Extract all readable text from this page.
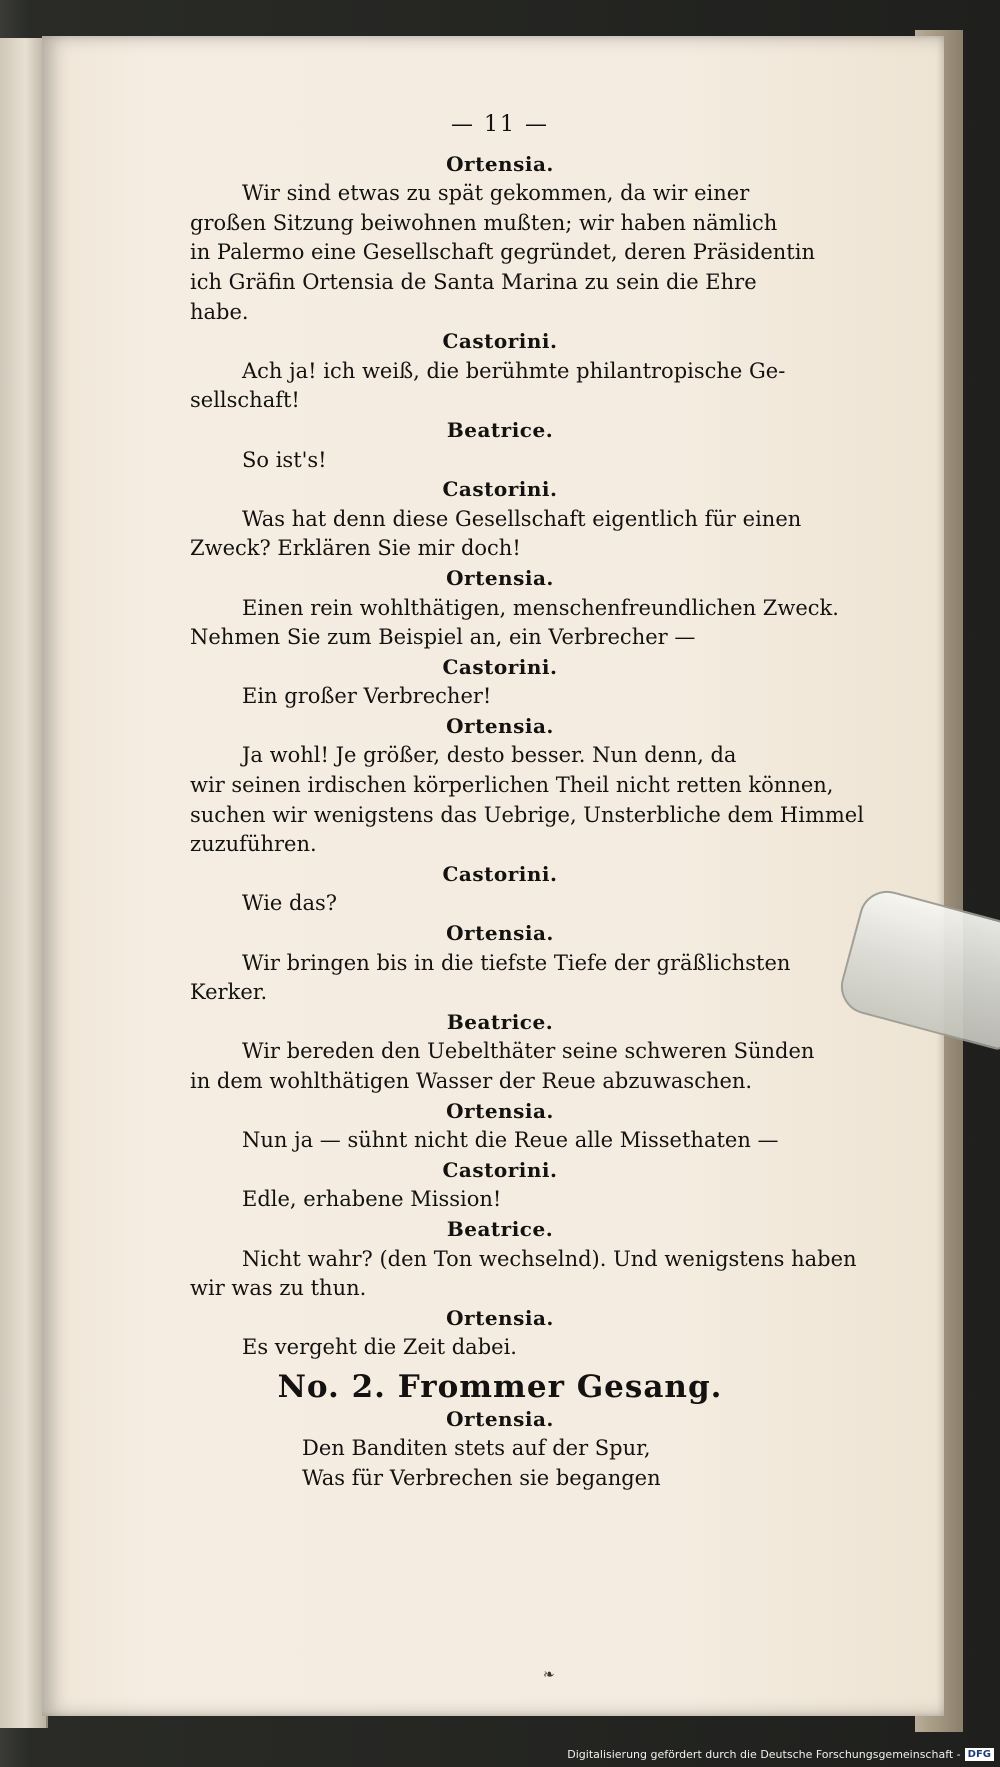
— 11 —
Ortensia.
Wir sind etwas zu spät gekommen, da wir einer
großen Sitzung beiwohnen mußten; wir haben nämlich
in Palermo eine Gesellschaft gegründet, deren Präsidentin
ich Gräfin Ortensia de Santa Marina zu sein die Ehre
habe.
Castorini.
Ach ja! ich weiß, die berühmte philantropische Ge-
sellschaft!
Beatrice.
So ist's!
Castorini.
Was hat denn diese Gesellschaft eigentlich für einen
Zweck? Erklären Sie mir doch!
Ortensia.
Einen rein wohlthätigen, menschenfreundlichen Zweck.
Nehmen Sie zum Beispiel an, ein Verbrecher —
Castorini.
Ein großer Verbrecher!
Ortensia.
Ja wohl! Je größer, desto besser. Nun denn, da
wir seinen irdischen körperlichen Theil nicht retten können,
suchen wir wenigstens das Uebrige, Unsterbliche dem Himmel
zuzuführen.
Castorini.
Wie das?
Ortensia.
Wir bringen bis in die tiefste Tiefe der gräßlichsten
Kerker.
Beatrice.
Wir bereden den Uebelthäter seine schweren Sünden
in dem wohlthätigen Wasser der Reue abzuwaschen.
Ortensia.
Nun ja — sühnt nicht die Reue alle Missethaten —
Castorini.
Edle, erhabene Mission!
Beatrice.
Nicht wahr? (den Ton wechselnd). Und wenigstens haben
wir was zu thun.
Ortensia.
Es vergeht die Zeit dabei.
No. 2. Frommer Gesang.
Ortensia.
Den Banditen stets auf der Spur,
Was für Verbrechen sie begangen
❧
Digitalisierung gefördert durch die Deutsche Forschungsgemeinschaft - DFG
